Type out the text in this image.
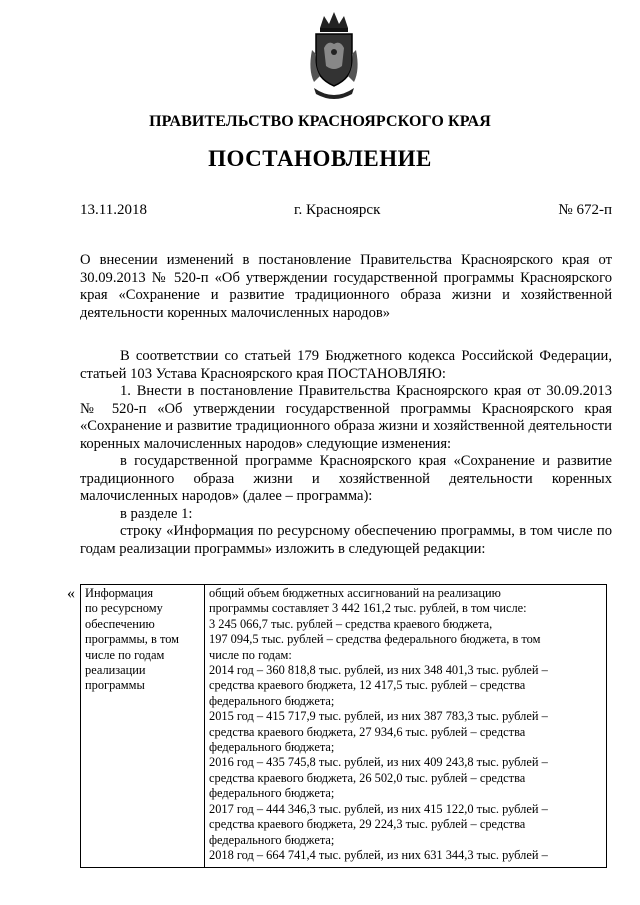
ПРАВИТЕЛЬСТВО КРАСНОЯРСКОГО КРАЯ
ПОСТАНОВЛЕНИЕ
13.11.2018	г. Красноярск	№ 672-п
О внесении изменений в постановление Правительства Красноярского края от 30.09.2013 № 520-п «Об утверждении государственной программы Красноярского края «Сохранение и развитие традиционного образа жизни и хозяйственной деятельности коренных малочисленных народов»

В соответствии со статьей 179 Бюджетного кодекса Российской Федерации, статьей 103 Устава Красноярского края ПОСТАНОВЛЯЮ:

1. Внести в постановление Правительства Красноярского края от 30.09.2013 № 520-п «Об утверждении государственной программы Красноярского края «Сохранение и развитие традиционного образа жизни и хозяйственной деятельности коренных малочисленных народов» следующие изменения:

в государственной программе Красноярского края «Сохранение и развитие традиционного образа жизни и хозяйственной деятельности коренных малочисленных народов» (далее – программа):

в разделе 1:

строку «Информация по ресурсному обеспечению программы, в том числе по годам реализации программы» изложить в следующей редакции:

« Информация
по ресурсному
обеспечению
программы, в том
числе по годам
реализации
программы

общий объем бюджетных ассигнований на реализацию
программы составляет 3 442 161,2 тыс. рублей, в том числе:
3 245 066,7 тыс. рублей – средства краевого бюджета,
197 094,5 тыс. рублей – средства федерального бюджета, в том
числе по годам:
2014 год – 360 818,8 тыс. рублей, из них 348 401,3 тыс. рублей –
средства краевого бюджета, 12 417,5 тыс. рублей – средства
федерального бюджета;
2015 год – 415 717,9 тыс. рублей, из них 387 783,3 тыс. рублей –
средства краевого бюджета, 27 934,6 тыс. рублей – средства
федерального бюджета;
2016 год – 435 745,8 тыс. рублей, из них 409 243,8 тыс. рублей –
средства краевого бюджета, 26 502,0 тыс. рублей – средства
федерального бюджета;
2017 год – 444 346,3 тыс. рублей, из них 415 122,0 тыс. рублей –
средства краевого бюджета, 29 224,3 тыс. рублей – средства
федерального бюджета;
2018 год – 664 741,4 тыс. рублей, из них 631 344,3 тыс. рублей –
